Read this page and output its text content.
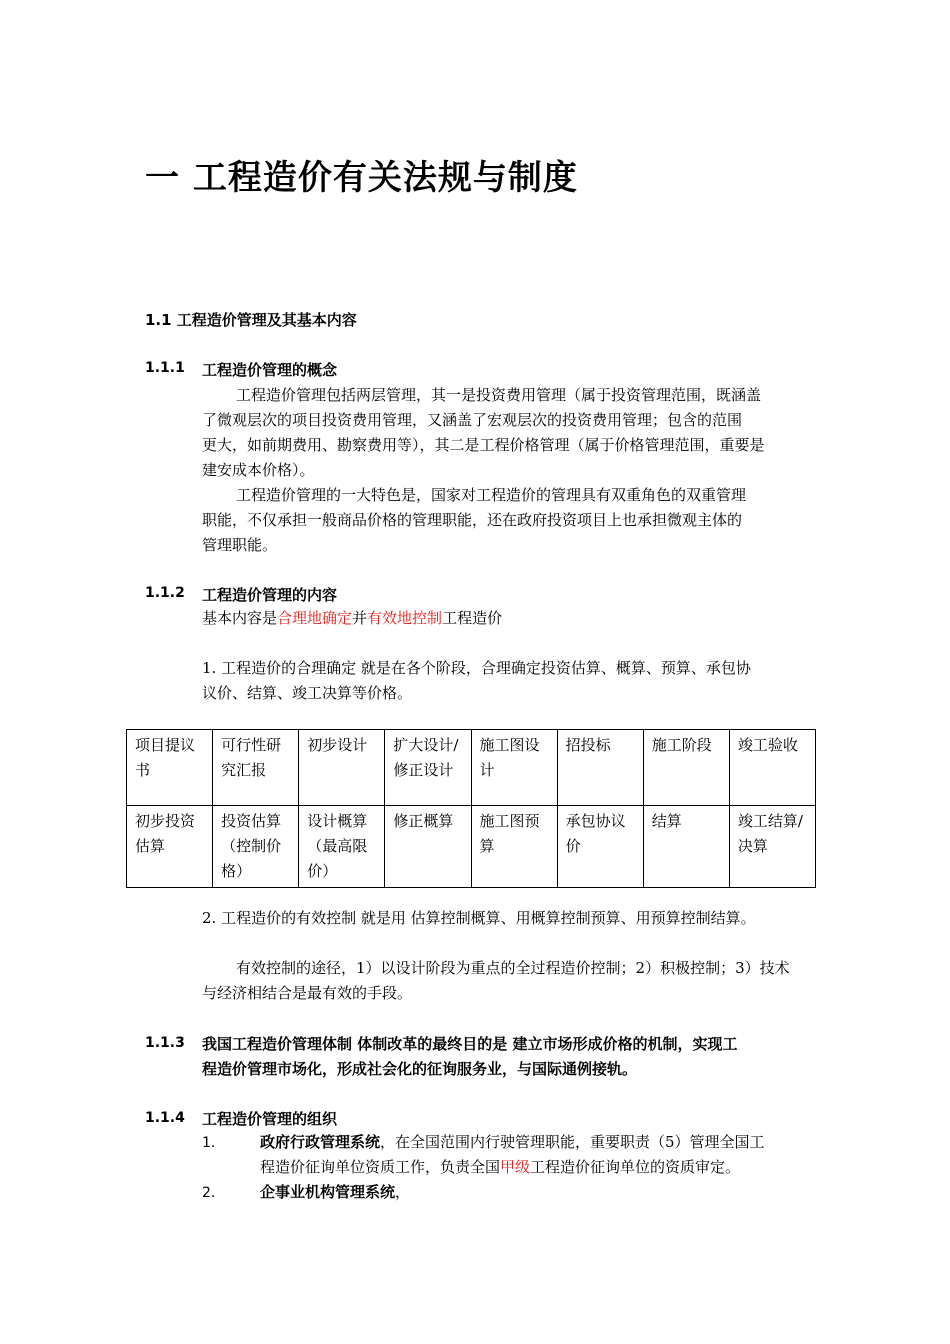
一 工程造价有关法规与制度
1.1 工程造价管理及其基本内容
1.1.1 工程造价管理的概念
工程造价管理包括两层管理，其一是投资费用管理（属于投资管理范围，既涵盖
了微观层次的项目投资费用管理，又涵盖了宏观层次的投资费用管理；包含的范围
更大，如前期费用、勘察费用等），其二是工程价格管理（属于价格管理范围，重要是
建安成本价格）。
工程造价管理的一大特色是，国家对工程造价的管理具有双重角色的双重管理
职能，不仅承担一般商品价格的管理职能，还在政府投资项目上也承担微观主体的
管理职能。
1.1.2 工程造价管理的内容
基本内容是合理地确定并有效地控制工程造价
1. 工程造价的合理确定 就是在各个阶段，合理确定投资估算、概算、预算、承包协
议价、结算、竣工决算等价格。
项目提议书	可行性研究汇报	初步设计	扩大设计/修正设计	施工图设计	招投标	施工阶段	竣工验收
初步投资估算	投资估算（控制价格）	设计概算（最高限价）	修正概算	施工图预算	承包协议价	结算	竣工结算/决算
2. 工程造价的有效控制 就是用 估算控制概算、用概算控制预算、用预算控制结算。
有效控制的途径，1）以设计阶段为重点的全过程造价控制；2）积极控制；3）技术
与经济相结合是最有效的手段。
1.1.3 我国工程造价管理体制 体制改革的最终目的是 建立市场形成价格的机制，实现工
程造价管理市场化，形成社会化的征询服务业，与国际通例接轨。
1.1.4 工程造价管理的组织
1.	政府行政管理系统，在全国范围内行驶管理职能，重要职责（5）管理全国工
程造价征询单位资质工作，负责全国甲级工程造价征询单位的资质审定。
2.	企事业机构管理系统，
